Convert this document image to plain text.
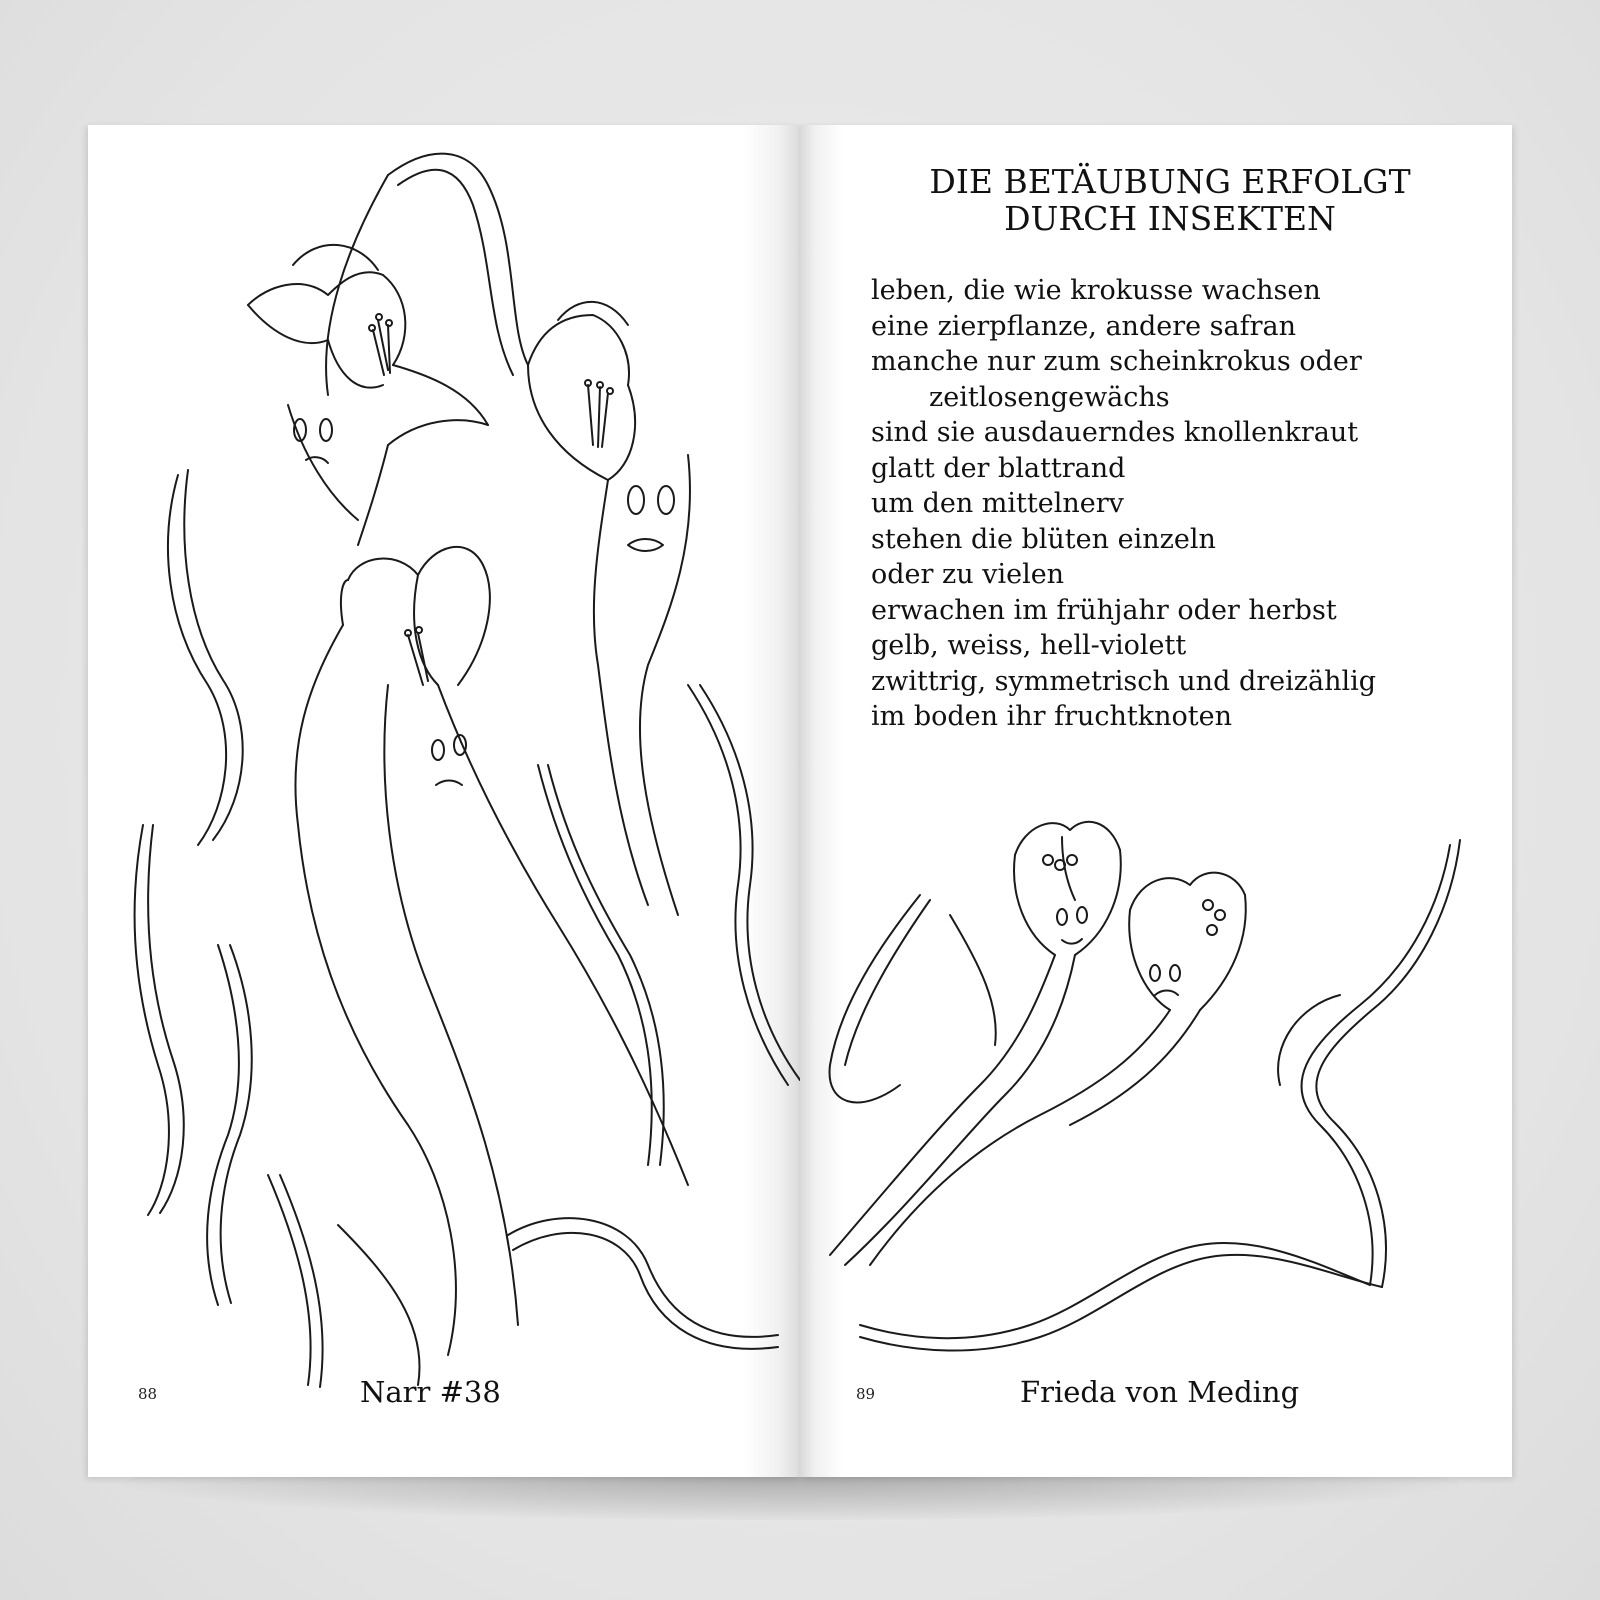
88	Narr #38
DIE BETÄUBUNG ERFOLGT
DURCH INSEKTEN
leben, die wie krokusse wachsen
eine zierpflanze, andere safran
manche nur zum scheinkrokus oder
zeitlosengewächs
sind sie ausdauerndes knollenkraut
glatt der blattrand
um den mittelnerv
stehen die blüten einzeln
oder zu vielen
erwachen im frühjahr oder herbst
gelb, weiss, hell-violett
zwittrig, symmetrisch und dreizählig
im boden ihr fruchtknoten
89	Frieda von Meding
